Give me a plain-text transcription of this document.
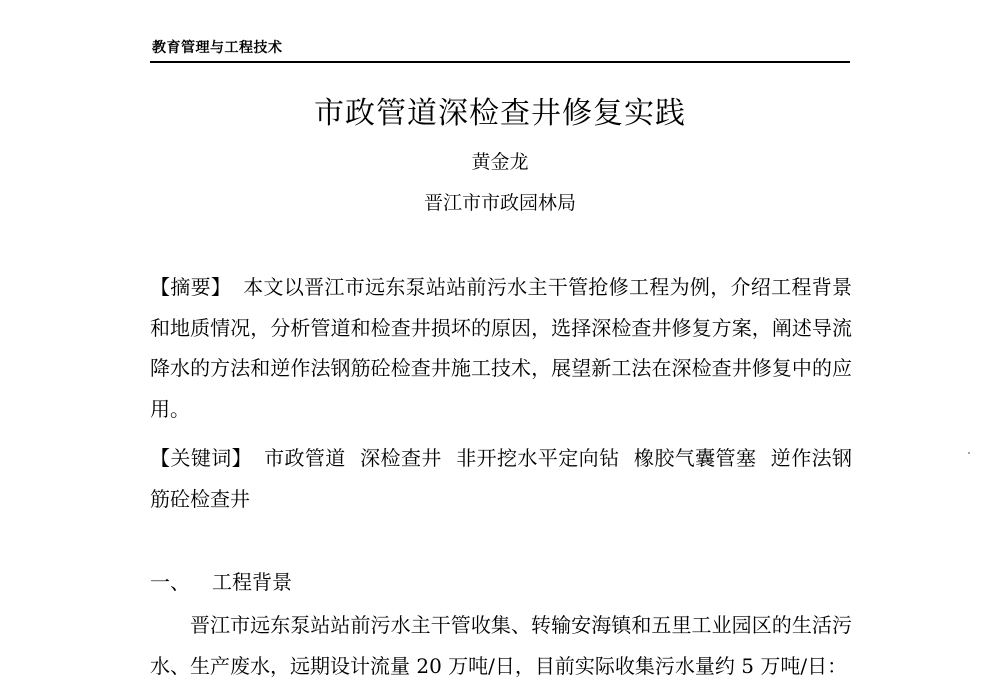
教育管理与工程技术
市政管道深检查井修复实践
黄金龙
晋江市市政园林局
【摘要】 本文以晋江市远东泵站站前污水主干管抢修工程为例，介绍工程背景和地质情况，分析管道和检查井损坏的原因，选择深检查井修复方案，阐述导流降水的方法和逆作法钢筋砼检查井施工技术，展望新工法在深检查井修复中的应用。
【关键词】 市政管道 深检查井 非开挖水平定向钻 橡胶气囊管塞 逆作法钢筋砼检查井
一、 工程背景
晋江市远东泵站站前污水主干管收集、转输安海镇和五里工业园区的生活污水、生产废水，远期设计流量 20 万吨/日，目前实际收集污水量约 5 万吨/日：
